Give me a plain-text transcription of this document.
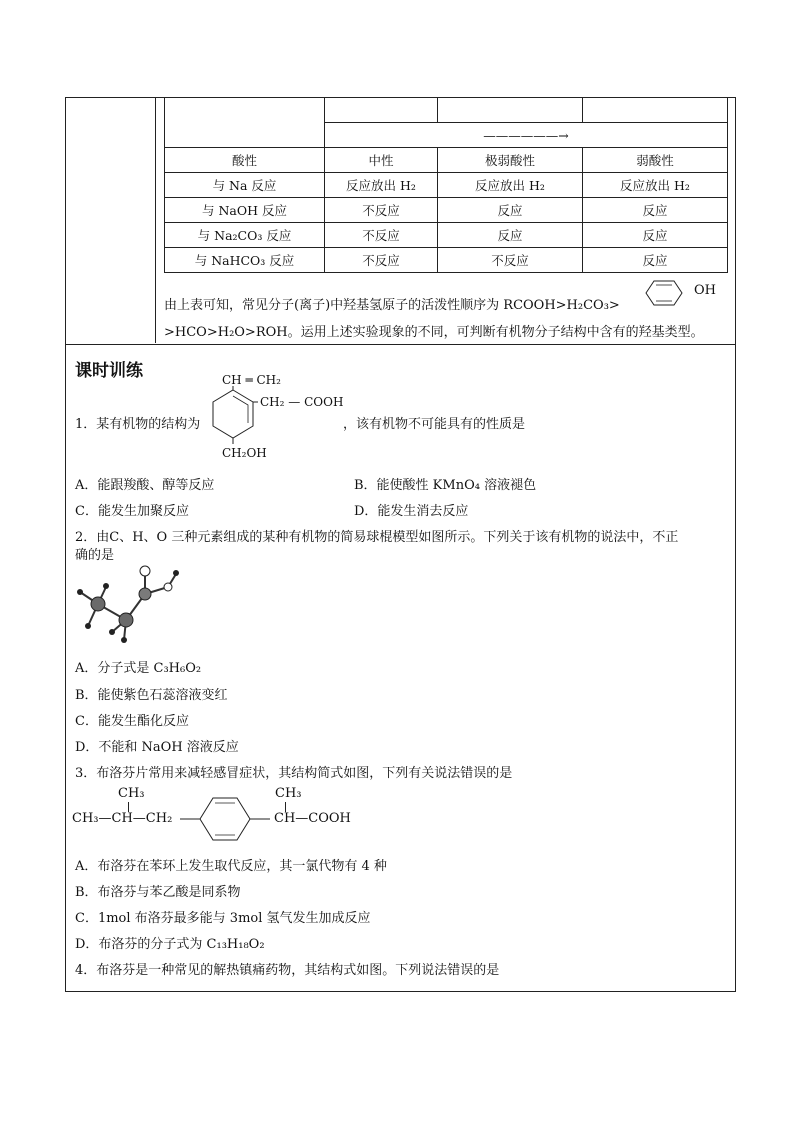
	——————→		
酸性	中性	极弱酸性	弱酸性
与 Na 反应	反应放出 H₂	反应放出 H₂	反应放出 H₂
与 NaOH 反应	不反应	反应	反应
与 Na₂CO₃ 反应	不反应	反应	反应
与 NaHCO₃ 反应	不反应	不反应	反应
由上表可知，常见分子(离子)中羟基氢原子的活泼性顺序为 RCOOH>H₂CO₃>
OH
>HCO>H₂O>ROH。运用上述实验现象的不同，可判断有机物分子结构中含有的羟基类型。
课时训练
1．某有机物的结构为
CH ═ CH₂
CH₂ — COOH
CH₂OH
，该有机物不可能具有的性质是
A．能跟羧酸、醇等反应	B．能使酸性 KMnO₄ 溶液褪色
C．能发生加聚反应	D．能发生消去反应
2．由C、H、O 三种元素组成的某种有机物的简易球棍模型如图所示。下列关于该有机物的说法中，不正
确的是
A．分子式是 C₃H₆O₂
B．能使紫色石蕊溶液变红
C．能发生酯化反应
D．不能和 NaOH 溶液反应
3．布洛芬片常用来减轻感冒症状，其结构简式如图，下列有关说法错误的是
CH₃
CH₃—CH—CH₂
CH₃
CH—COOH
A．布洛芬在苯环上发生取代反应，其一氯代物有 4 种
B．布洛芬与苯乙酸是同系物
C．1mol 布洛芬最多能与 3mol 氢气发生加成反应
D．布洛芬的分子式为 C₁₃H₁₈O₂
4．布洛芬是一种常见的解热镇痛药物，其结构式如图。下列说法错误的是
